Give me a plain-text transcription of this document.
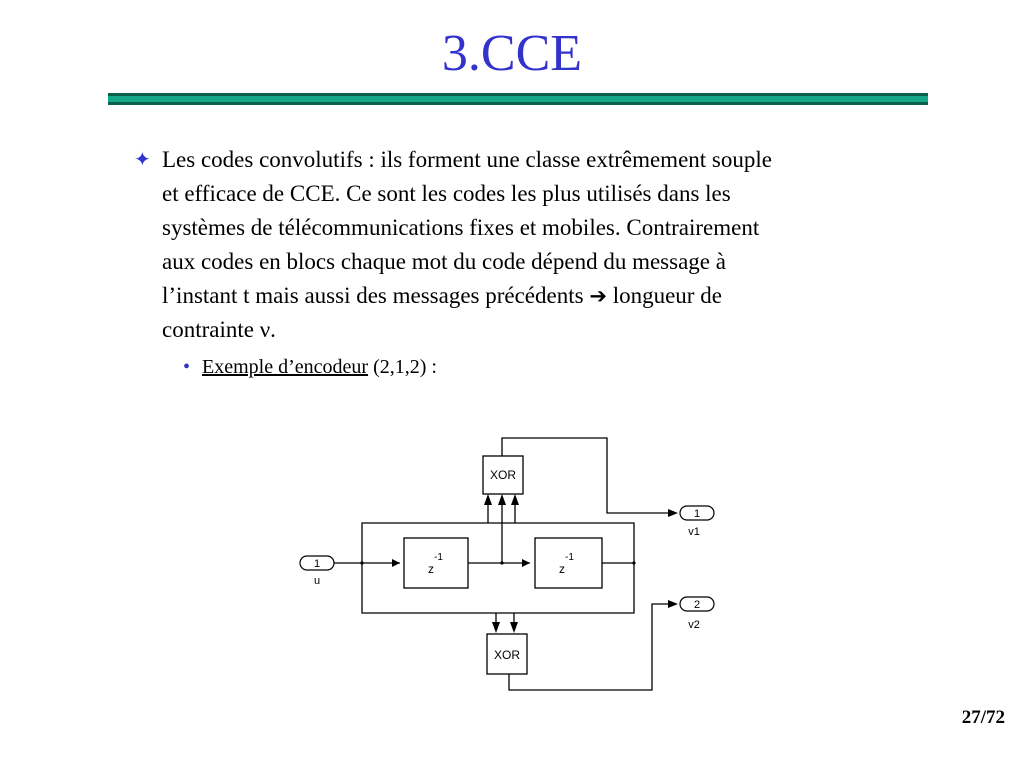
3.CCE
✦ Les codes convolutifs : ils forment une classe extrêmement souple
et efficace de CCE. Ce sont les codes les plus utilisés dans les
systèmes de télécommunications fixes et mobiles. Contrairement
aux codes en blocs chaque mot du code dépend du message à
l’instant t mais aussi des messages précédents ➔ longueur de
contrainte ν.
• Exemple d’encodeur (2,1,2) :
XOR
XOR
z
-1
z
-1
1
u
1
v1
2
v2
27/72
